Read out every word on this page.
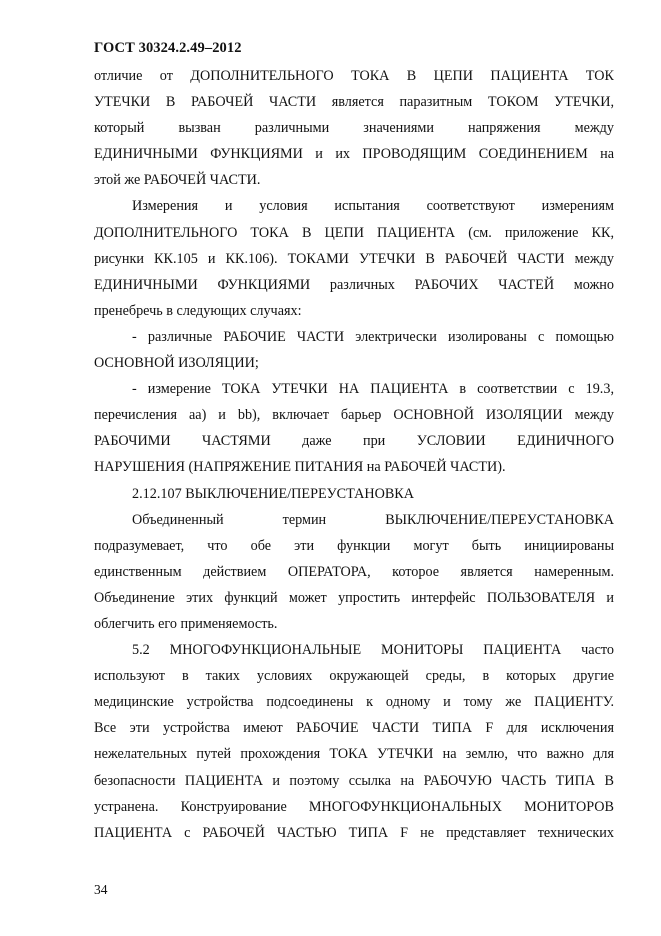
ГОСТ 30324.2.49–2012
отличие от ДОПОЛНИТЕЛЬНОГО ТОКА В ЦЕПИ ПАЦИЕНТА ТОК
УТЕЧКИ В РАБОЧЕЙ ЧАСТИ является паразитным ТОКОМ УТЕЧКИ,
который вызван различными значениями напряжения между
ЕДИНИЧНЫМИ ФУНКЦИЯМИ и их ПРОВОДЯЩИМ СОЕДИНЕНИЕМ на
этой же РАБОЧЕЙ ЧАСТИ.
Измерения и условия испытания соответствуют измерениям
ДОПОЛНИТЕЛЬНОГО ТОКА В ЦЕПИ ПАЦИЕНТА (см. приложение КК,
рисунки КК.105 и КК.106). ТОКАМИ УТЕЧКИ В РАБОЧЕЙ ЧАСТИ между
ЕДИНИЧНЫМИ ФУНКЦИЯМИ различных РАБОЧИХ ЧАСТЕЙ можно
пренебречь в следующих случаях:
- различные РАБОЧИЕ ЧАСТИ электрически изолированы с помощью
ОСНОВНОЙ ИЗОЛЯЦИИ;
- измерение ТОКА УТЕЧКИ НА ПАЦИЕНТА в соответствии с 19.3,
перечисления аа) и bb), включает барьер ОСНОВНОЙ ИЗОЛЯЦИИ между
РАБОЧИМИ ЧАСТЯМИ даже при УСЛОВИИ ЕДИНИЧНОГО
НАРУШЕНИЯ (НАПРЯЖЕНИЕ ПИТАНИЯ на РАБОЧЕЙ ЧАСТИ).
2.12.107 ВЫКЛЮЧЕНИЕ/ПЕРЕУСТАНОВКА
Объединенный термин ВЫКЛЮЧЕНИЕ/ПЕРЕУСТАНОВКА
подразумевает, что обе эти функции могут быть инициированы
единственным действием ОПЕРАТОРА, которое является намеренным.
Объединение этих функций может упростить интерфейс ПОЛЬЗОВАТЕЛЯ и
облегчить его применяемость.
5.2 МНОГОФУНКЦИОНАЛЬНЫЕ МОНИТОРЫ ПАЦИЕНТА часто
используют в таких условиях окружающей среды, в которых другие
медицинские устройства подсоединены к одному и тому же ПАЦИЕНТУ.
Все эти устройства имеют РАБОЧИЕ ЧАСТИ ТИПА F для исключения
нежелательных путей прохождения ТОКА УТЕЧКИ на землю, что важно для
безопасности ПАЦИЕНТА и поэтому ссылка на РАБОЧУЮ ЧАСТЬ ТИПА В
устранена. Конструирование МНОГОФУНКЦИОНАЛЬНЫХ МОНИТОРОВ
ПАЦИЕНТА с РАБОЧЕЙ ЧАСТЬЮ ТИПА F не представляет технических
34
